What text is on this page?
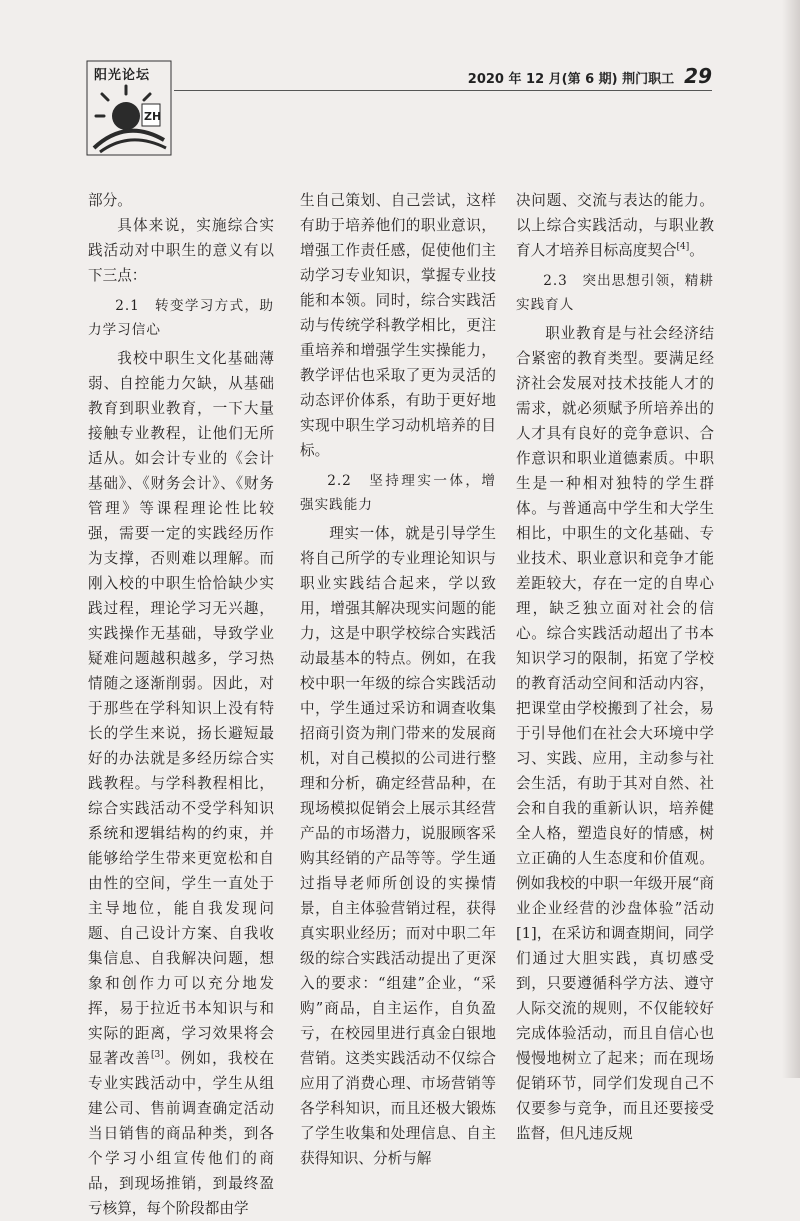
ZH
阳光论坛	2020 年 12 月(第 6 期) 荆门职工 29

部分。

具体来说，实施综合实践活动对中职生的意义有以下三点：

2.1　转变学习方式，助力学习信心

我校中职生文化基础薄弱、自控能力欠缺，从基础教育到职业教育，一下大量接触专业教程，让他们无所适从。如会计专业的《会计基础》、《财务会计》、《财务管理》等课程理论性比较强，需要一定的实践经历作为支撑，否则难以理解。而刚入校的中职生恰恰缺少实践过程，理论学习无兴趣，实践操作无基础，导致学业疑难问题越积越多，学习热情随之逐渐削弱。因此，对于那些在学科知识上没有特长的学生来说，扬长避短最好的办法就是多经历综合实践教程。与学科教程相比，综合实践活动不受学科知识系统和逻辑结构的约束，并能够给学生带来更宽松和自由性的空间，学生一直处于主导地位，能自我发现问题、自己设计方案、自我收集信息、自我解决问题，想象和创作力可以充分地发挥，易于拉近书本知识与和实际的距离，学习效果将会显著改善[3]。例如，我校在专业实践活动中，学生从组建公司、售前调查确定活动当日销售的商品种类，到各个学习小组宣传他们的商品，到现场推销，到最终盈亏核算，每个阶段都由学

生自己策划、自己尝试，这样有助于培养他们的职业意识，增强工作责任感，促使他们主动学习专业知识，掌握专业技能和本领。同时，综合实践活动与传统学科教学相比，更注重培养和增强学生实操能力，教学评估也采取了更为灵活的动态评价体系，有助于更好地实现中职生学习动机培养的目标。

2.2　坚持理实一体，增强实践能力

理实一体，就是引导学生将自己所学的专业理论知识与职业实践结合起来，学以致用，增强其解决现实问题的能力，这是中职学校综合实践活动最基本的特点。例如，在我校中职一年级的综合实践活动中，学生通过采访和调查收集招商引资为荆门带来的发展商机，对自己模拟的公司进行整理和分析，确定经营品种，在现场模拟促销会上展示其经营产品的市场潜力，说服顾客采购其经销的产品等等。学生通过指导老师所创设的实操情景，自主体验营销过程，获得真实职业经历；而对中职二年级的综合实践活动提出了更深入的要求：“组建”企业，“采购”商品，自主运作，自负盈亏，在校园里进行真金白银地营销。这类实践活动不仅综合应用了消费心理、市场营销等各学科知识，而且还极大锻炼了学生收集和处理信息、自主获得知识、分析与解

决问题、交流与表达的能力。以上综合实践活动，与职业教育人才培养目标高度契合[4]。

2.3　突出思想引领，精耕实践育人

职业教育是与社会经济结合紧密的教育类型。要满足经济社会发展对技术技能人才的需求，就必须赋予所培养出的人才具有良好的竞争意识、合作意识和职业道德素质。中职生是一种相对独特的学生群体。与普通高中学生和大学生相比，中职生的文化基础、专业技术、职业意识和竞争才能差距较大，存在一定的自卑心理，缺乏独立面对社会的信心。综合实践活动超出了书本知识学习的限制，拓宽了学校的教育活动空间和活动内容，把课堂由学校搬到了社会，易于引导他们在社会大环境中学习、实践、应用，主动参与社会生活，有助于其对自然、社会和自我的重新认识，培养健全人格，塑造良好的情感，树立正确的人生态度和价值观。例如我校的中职一年级开展“商业企业经营的沙盘体验”活动[1]，在采访和调查期间，同学们通过大胆实践，真切感受到，只要遵循科学方法、遵守人际交流的规则，不仅能较好完成体验活动，而且自信心也慢慢地树立了起来；而在现场促销环节，同学们发现自己不仅要参与竞争，而且还要接受监督，但凡违反规
